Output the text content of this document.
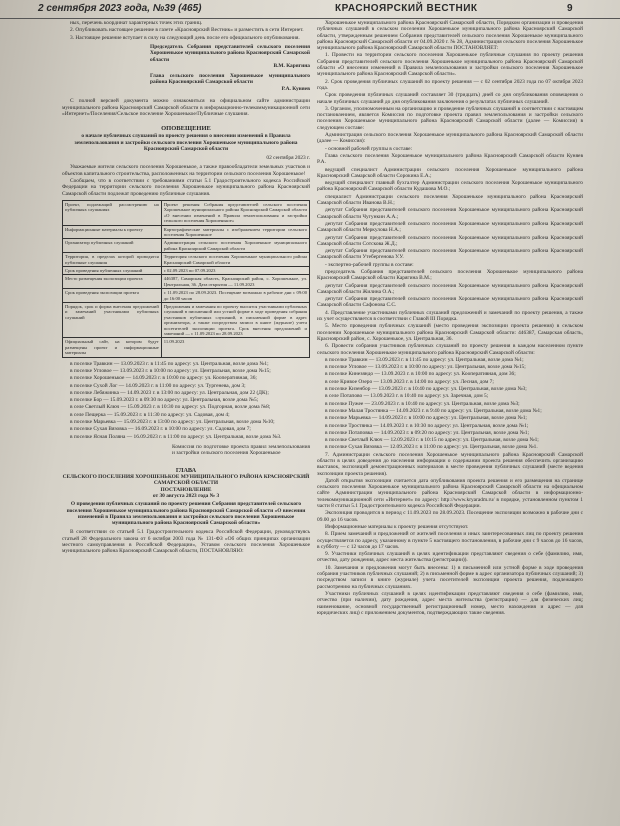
2 сентября 2023 года, №39 (465)	КРАСНОЯРСКИЙ ВЕСТНИК	9

ных, перечень координат характерных точек этих границ.

2. Опубликовать настоящее решение в газете «Красноярский Вестник» и разместить в сети Интернет.

3. Настоящее решение вступает в силу на следующий день после его официального опубликования.

Председатель Собрания представителей сельского поселения Хорошенькое муниципального района Красноярский Самарской области
В.М. Карягина
Глава сельского поселения Хорошенькое муниципального района Красноярский Самарской области
Р.А. Куняев

С полной версией документа можно ознакомиться на официальном сайте администрации муниципального района Красноярский Самарской области в информационно-телекоммуникационной сети «Интернет»/Поселения/Сельское поселение Хорошенькое/Публичные слушания.

ОПОВЕЩЕНИЕ
о начале публичных слушаний по проекту решения о внесении изменений в Правила землепользования и застройки сельского поселения Хорошенькое муниципального района Красноярский Самарской области
02 сентября 2023 г.

Уважаемые жители сельского поселения Хорошенькое, а также правообладатели земельных участков и объектов капитального строительства, расположенных на территории сельского поселения Хорошенькое!

Сообщаем, что в соответствии с требованиями статьи 5.1 Градостроительного кодекса Российской Федерации на территории сельского поселения Хорошенькое муниципального района Красноярский Самарской области подлежат проведению публичные слушания.

Проект, подлежащий рассмотрению на публичных слушаниях	Проект решения Собрания представителей сельского поселения Хорошенькое муниципального района Красноярский Самарской области «О внесении изменений в Правила землепользования и застройки сельского поселения Хорошенькое»
Информационные материалы к проекту	Картографические материалы с изображением территории сельского поселения Хорошенькое
Организатор публичных слушаний	Администрация сельского поселения Хорошенькое муниципального района Красноярский Самарской области
Территория, в пределах которой проводятся публичные слушания	Территория сельского поселения Хорошенькое муниципального района Красноярский Самарской области
Срок проведения публичных слушаний	с 02.09.2023 по 07.09.2023
Место размещения экспозиции проекта	446387, Самарская область, Красноярский район, с. Хорошенькое, ул. Центральная, 36. Дата открытия — 11.09.2023
Срок проведения экспозиции проекта	с 11.09.2023 по 28.09.2023. Посещение возможно в рабочие дни с 09:00 до 16:00 часов
Порядок, срок и форма внесения предложений и замечаний участниками публичных слушаний	Предложения и замечания по проекту вносятся участниками публичных слушаний в письменной или устной форме в ходе проведения собрания участников публичных слушаний, в письменной форме в адрес организатора, а также посредством записи в книге (журнале) учета посетителей экспозиции проекта. Срок внесения предложений и замечаний — с 11.09.2023 по 28.09.2023
Официальный сайт, на котором будут размещены проект и информационные материалы	11.09.2023

в поселке Травкин — 13.09.2023 г. в 11:45 по адресу: ул. Центральная, возле дома №1;

в поселке Угловое — 13.09.2023 г. в 10:00 по адресу: ул. Центральная, возле дома №15;

в поселке Хорошенькое — 14.09.2023 г. в 10:00 по адресу: ул. Кооперативная, 36;

в поселке Сухой Лог — 14.09.2023 г. в 11:00 по адресу: ул. Тургенева, дом 3;

в поселке Лебяжинка — 14.09.2023 г. в 13:00 по адресу: ул. Центральная, дом 22 (ДК);

в поселке Бор — 15.09.2023 г. в 09:30 по адресу: ул. Центральная, возле дома №5;

в селе Светлый Ключ — 15.09.2023 г. в 10:30 по адресу: ул. Подгорная, возле дома №8;

в селе Пещерка — 15.09.2023 г. в 11:30 по адресу: ул. Садовая, дом 4;

в поселке Марьевка — 15.09.2023 г. в 13:00 по адресу: ул. Центральная, возле дома №10;

в поселке Сухая Вязовка — 16.09.2023 г. в 10:00 по адресу: ул. Садовая, дом 7;

в поселке Ясная Поляна — 16.09.2023 г. в 11:00 по адресу: ул. Центральная, возле дома №3.

Комиссия по подготовке проекта правил землепользования и застройки сельского поселения Хорошенькое
ГЛАВА
СЕЛЬСКОГО ПОСЕЛЕНИЯ ХОРОШЕНЬКОЕ МУНИЦИПАЛЬНОГО РАЙОНА КРАСНОЯРСКИЙ САМАРСКОЙ ОБЛАСТИ
ПОСТАНОВЛЕНИЕ
от 30 августа 2023 года № 3
О проведении публичных слушаний по проекту решения Собрания представителей сельского поселения Хорошенькое муниципального района Красноярский Самарской области «О внесении изменений в Правила землепользования и застройки сельского поселения Хорошенькое муниципального района Красноярский Самарской области»

В соответствии со статьей 5.1 Градостроительного кодекса Российской Федерации, руководствуясь статьей 28 Федерального закона от 6 октября 2003 года № 131-ФЗ «Об общих принципах организации местного самоуправления в Российской Федерации», Уставом сельского поселения Хорошенькое муниципального района Красноярский Самарской области, ПОСТАНОВЛЯЮ:

Хорошенькое муниципального района Красноярский Самарской области, Порядком организации и проведения публичных слушаний в сельском поселении Хорошенькое муниципального района Красноярский Самарской области, утвержденным решением Собрания представителей сельского поселения Хорошенькое муниципального района Красноярский Самарской области от 04.09.2020 г. № 28, Администрация сельского поселения Хорошенькое муниципального района Красноярский Самарской области ПОСТАНОВЛЯЕТ:

1. Провести на территории сельского поселения Хорошенькое публичные слушания по проекту решения Собрания представителей сельского поселения Хорошенькое муниципального района Красноярский Самарской области «О внесении изменений в Правила землепользования и застройки сельского поселения Хорошенькое муниципального района Красноярский Самарской области».

2. Срок проведения публичных слушаний по проекту решения — с 02 сентября 2023 года по 07 октября 2023 года.

Срок проведения публичных слушаний составляет 30 (тридцать) дней со дня опубликования оповещения о начале публичных слушаний до дня опубликования заключения о результатах публичных слушаний.

3. Органом, уполномоченным на организацию и проведение публичных слушаний в соответствии с настоящим постановлением, является Комиссия по подготовке проекта правил землепользования и застройки сельского поселения Хорошенькое муниципального района Красноярский Самарской области (далее — Комиссия) в следующем составе:

Администрация сельского поселения Хорошенькое муниципального района Красноярский Самарской области (далее — Комиссия):

- основной рабочей группы в составе:

Глава сельского поселения Хорошенькое муниципального района Красноярский Самарской области Куняев Р.А.

ведущий специалист Администрации сельского поселения Хорошенькое муниципального района Красноярский Самарской области Сорокина Е.А.;

ведущий специалист главный бухгалтер Администрации сельского поселения Хорошенькое муниципального района Красноярский Самарской области Кудашова М.О.;

специалист Администрации сельского поселения Хорошенькое муниципального района Красноярский Самарской области Иванова В.Н.;

депутат Собрания представителей сельского поселения Хорошенькое муниципального района Красноярский Самарской области Чугункин А.А.;

депутат Собрания представителей сельского поселения Хорошенькое муниципального района Красноярский Самарской области Меркулова Н.А.;

депутат Собрания представителей сельского поселения Хорошенькое муниципального района Красноярский Самарской области Сотскова Ж.Д.;

депутат Собрания представителей сельского поселения Хорошенькое муниципального района Красноярский Самарской области Утебергенова У.У.

- экспертно-рабочей группы в составе:

председатель Собрания представителей сельского поселения Хорошенькое муниципального района Красноярский Самарской области Карягина В.М.;

депутат Собрания представителей сельского поселения Хорошенькое муниципального района Красноярский Самарской области Жилина О.А.;

депутат Собрания представителей сельского поселения Хорошенькое муниципального района Красноярский Самарской области Сафонова С.С.

4. Представление участниками публичных слушаний предложений и замечаний по проекту решения, а также их учет осуществляется в соответствии с Главой III Порядка.

5. Место проведения публичных слушаний (место проведения экспозиции проекта решения) в сельском поселении Хорошенькое муниципального района Красноярский Самарской области: 446387, Самарская область, Красноярский район, с. Хорошенькое, ул. Центральная, 36.

6. Провести собрания участников публичных слушаний по проекту решения в каждом населенном пункте сельского поселения Хорошенькое муниципального района Красноярский Самарской области:

в поселке Травкин — 13.09.2023 г. в 11:45 по адресу: ул. Центральная, возле дома №1;

в поселке Угловое — 13.09.2023 г. в 10:00 по адресу: ул. Центральная, возле дома №15;

в поселке Кинезяндо — 13.09.2023 г. в 10:00 по адресу: ул. Кооперативная, дом 36;

в селе Кривое Озеро — 13.09.2023 г. в 14:00 по адресу: ул. Лесная, дом 7;

в поселке Кизенбор — 13.09.2023 г. в 10:40 по адресу: ул. Центральная, возле дома №3;

в селе Потапово — 13.09.2023 г. в 10:40 по адресу: ул. Заречная, дом 5;

в поселке Пужее — 23.09.2023 г. в 10:40 по адресу: ул. Центральная, возле дома №3;

в поселке Малая Тростянка — 14.09.2023 г. в 9:40 по адресу: ул. Центральная, возле дома №1;

в поселке Марьевка — 14.09.2023 г. в 10:00 по адресу: ул. Центральная, возле дома №1;

в поселке Тростянка — 14.09.2023 г. в 10:30 по адресу: ул. Центральная, возле дома №1;

в поселке Потаповка — 14.09.2023 г. в 09:20 по адресу: ул. Центральная, возле дома №1;

в поселке Светлый Ключ — 12.09.2023 г. в 10:15 по адресу: ул. Центральная, возле дома №1;

в поселке Сухая Вязовка — 12.09.2023 г. в 11:00 по адресу: ул. Центральная, возле дома №1.

7. Администрации сельского поселения Хорошенькое муниципального района Красноярский Самарской области в целях доведения до населения информации о содержании проекта решения обеспечить организацию выставок, экспозиций демонстрационных материалов в месте проведения публичных слушаний (месте ведения экспозиции проекта решения).

Датой открытия экспозиции считается дата опубликования проекта решения и его размещения на странице сельского поселения Хорошенькое муниципального района Красноярский Самарской области на официальном сайте Администрации муниципального района Красноярский Самарской области в информационно-телекоммуникационной сети «Интернет» по адресу: http://www.kryaradm.ru/ в порядке, установленном пунктом 1 части 8 статьи 5.1 Градостроительного кодекса Российской Федерации.

Экспозиция проводится в период с 11.09.2023 по 28.09.2023. Посещение экспозиции возможно в рабочие дни с 09.00 до 16 часов.

Информационные материалы к проекту решения отсутствуют.

8. Прием замечаний и предложений от жителей поселения и иных заинтересованных лиц по проекту решения осуществляется по адресу, указанному в пункте 5 настоящего постановления, в рабочие дни с 9 часов до 16 часов, в субботу — с 12 часов до 17 часов.

9. Участники публичных слушаний в целях идентификации представляют сведения о себе (фамилию, имя, отчество, дату рождения, адрес места жительства (регистрации)).

10. Замечания и предложения могут быть внесены: 1) в письменной или устной форме в ходе проведения собрания участников публичных слушаний; 2) в письменной форме в адрес организатора публичных слушаний; 3) посредством записи в книге (журнале) учета посетителей экспозиции проекта решения, подлежащего рассмотрению на публичных слушаниях.

Участники публичных слушаний в целях идентификации представляют сведения о себе (фамилию, имя, отчество (при наличии), дату рождения, адрес места жительства (регистрации) — для физических лиц; наименование, основной государственный регистрационный номер, место нахождения и адрес — для юридических лиц) с приложением документов, подтверждающих такие сведения.
